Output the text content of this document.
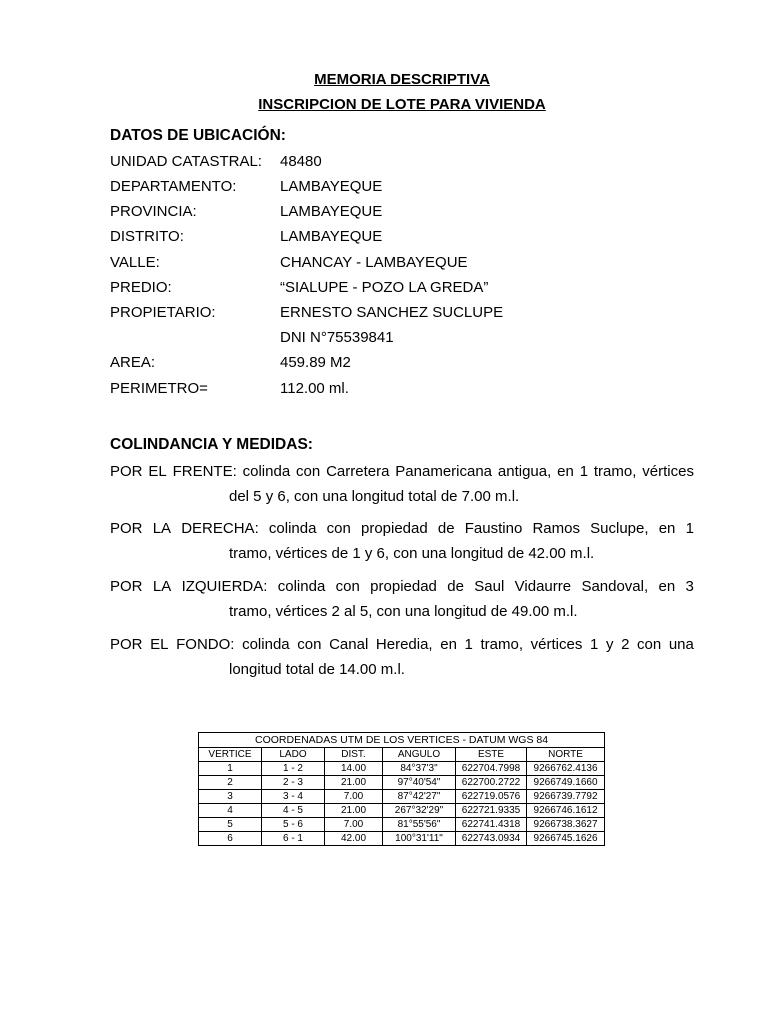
MEMORIA DESCRIPTIVA
INSCRIPCION DE LOTE PARA VIVIENDA
DATOS DE UBICACIÓN:
UNIDAD CATASTRAL: 48480
DEPARTAMENTO:	LAMBAYEQUE
PROVINCIA:	LAMBAYEQUE
DISTRITO:	LAMBAYEQUE
VALLE:	CHANCAY - LAMBAYEQUE
PREDIO:	“SIALUPE - POZO LA GREDA”
PROPIETARIO:	ERNESTO SANCHEZ SUCLUPE
DNI N°75539841
AREA:	459.89 M2
PERIMETRO=	112.00 ml.
COLINDANCIA Y MEDIDAS:
POR EL FRENTE: colinda con Carretera Panamericana antigua, en 1 tramo, vértices
del 5 y 6, con una longitud total de 7.00 m.l.
POR LA DERECHA: colinda con propiedad de Faustino Ramos Suclupe, en 1
tramo, vértices de 1 y 6, con una longitud de 42.00 m.l.
POR LA IZQUIERDA: colinda con propiedad de Saul Vidaurre Sandoval, en 3
tramo, vértices 2 al 5, con una longitud de 49.00 m.l.
POR EL FONDO: colinda con Canal Heredia, en 1 tramo, vértices 1 y 2 con una
longitud total de 14.00 m.l.
COORDENADAS UTM DE LOS VERTICES - DATUM WGS 84					
VERTICE	LADO	DIST.	ANGULO	ESTE	NORTE
1	1 - 2	14.00	84°37'3"	622704.7998	9266762.4136
2	2 - 3	21.00	97°40'54"	622700.2722	9266749.1660
3	3 - 4	7.00	87°42'27"	622719.0576	9266739.7792
4	4 - 5	21.00	267°32'29"	622721.9335	9266746.1612
5	5 - 6	7.00	81°55'56"	622741.4318	9266738.3627
6	6 - 1	42.00	100°31'11"	622743.0934	9266745.1626
